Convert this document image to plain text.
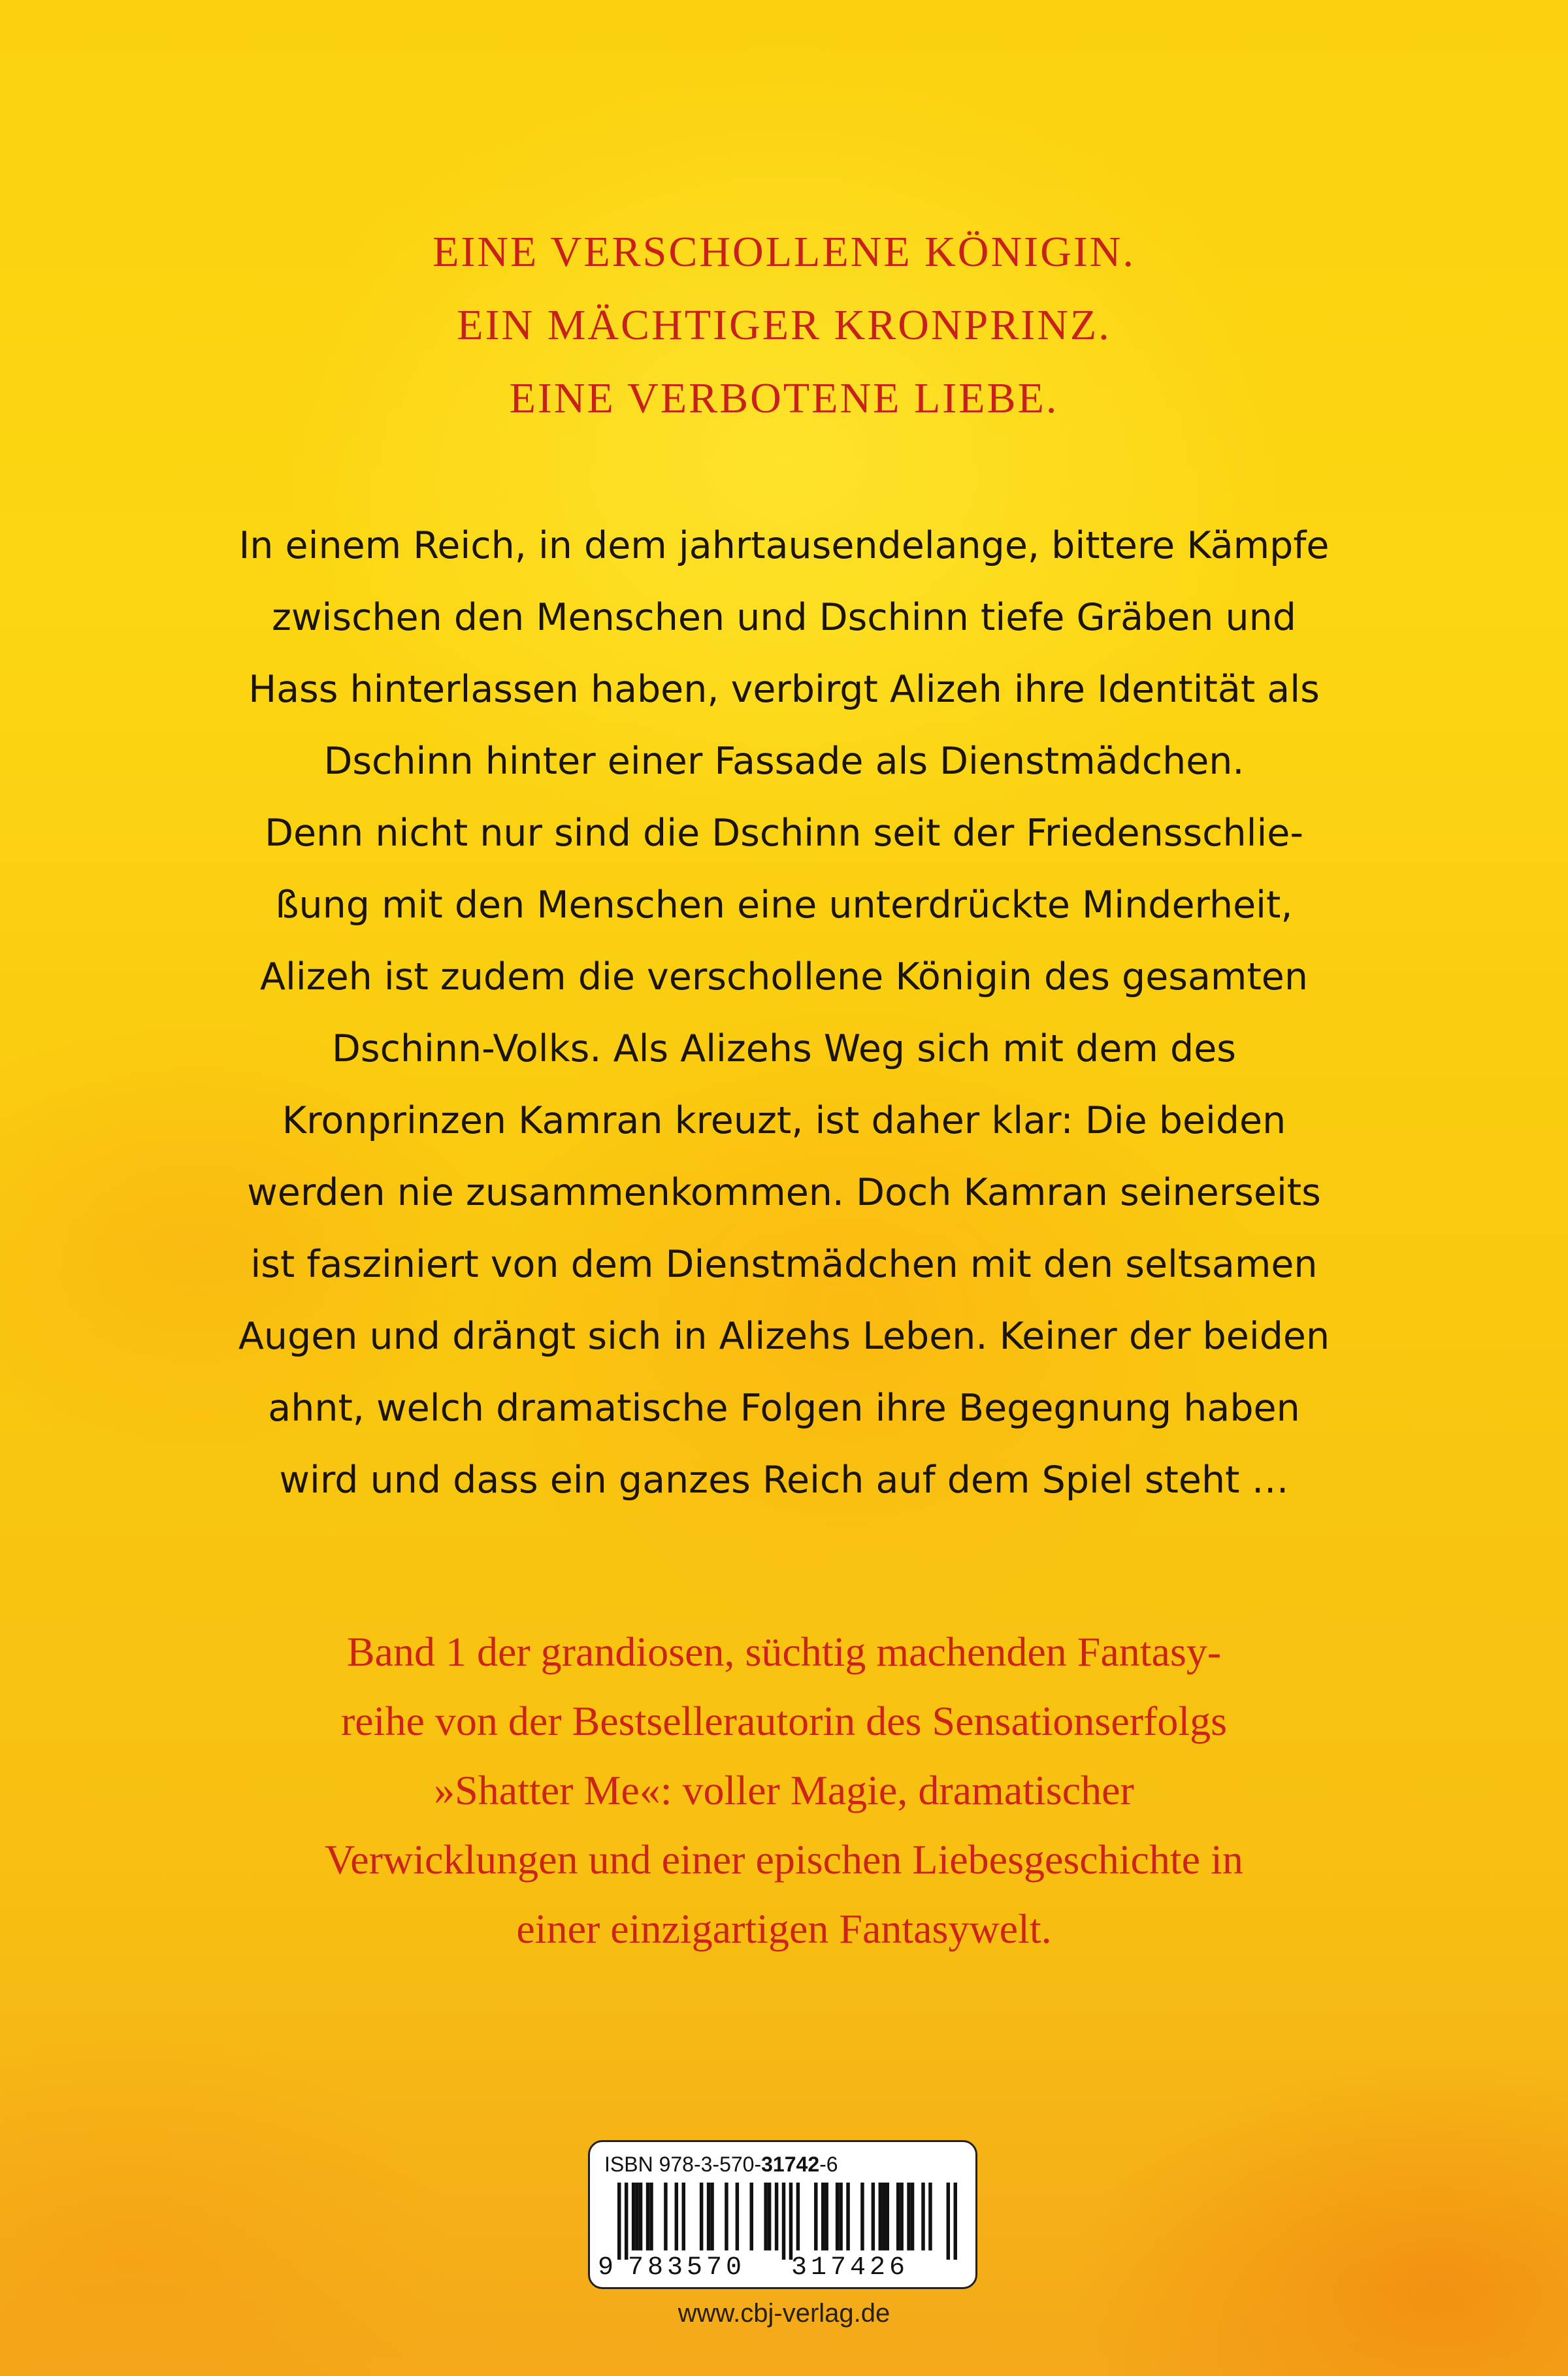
EINE VERSCHOLLENE KÖNIGIN.
EIN MÄCHTIGER KRONPRINZ.
EINE VERBOTENE LIEBE.
In einem Reich, in dem jahrtausendelange, bittere Kämpfe
zwischen den Menschen und Dschinn tiefe Gräben und
Hass hinterlassen haben, verbirgt Alizeh ihre Identität als
Dschinn hinter einer Fassade als Dienstmädchen.
Denn nicht nur sind die Dschinn seit der Friedensschlie-
ßung mit den Menschen eine unterdrückte Minderheit,
Alizeh ist zudem die verschollene Königin des gesamten
Dschinn-Volks. Als Alizehs Weg sich mit dem des
Kronprinzen Kamran kreuzt, ist daher klar: Die beiden
werden nie zusammenkommen. Doch Kamran seinerseits
ist fasziniert von dem Dienstmädchen mit den seltsamen
Augen und drängt sich in Alizehs Leben. Keiner der beiden
ahnt, welch dramatische Folgen ihre Begegnung haben
wird und dass ein ganzes Reich auf dem Spiel steht …
Band 1 der grandiosen, süchtig machenden Fantasy-
reihe von der Bestsellerautorin des Sensationserfolgs
»Shatter Me«: voller Magie, dramatischer
Verwicklungen und einer epischen Liebesgeschichte in
einer einzigartigen Fantasywelt.
ISBN 978-3-570-31742-6
9 783570 317426
www.cbj-verlag.de
